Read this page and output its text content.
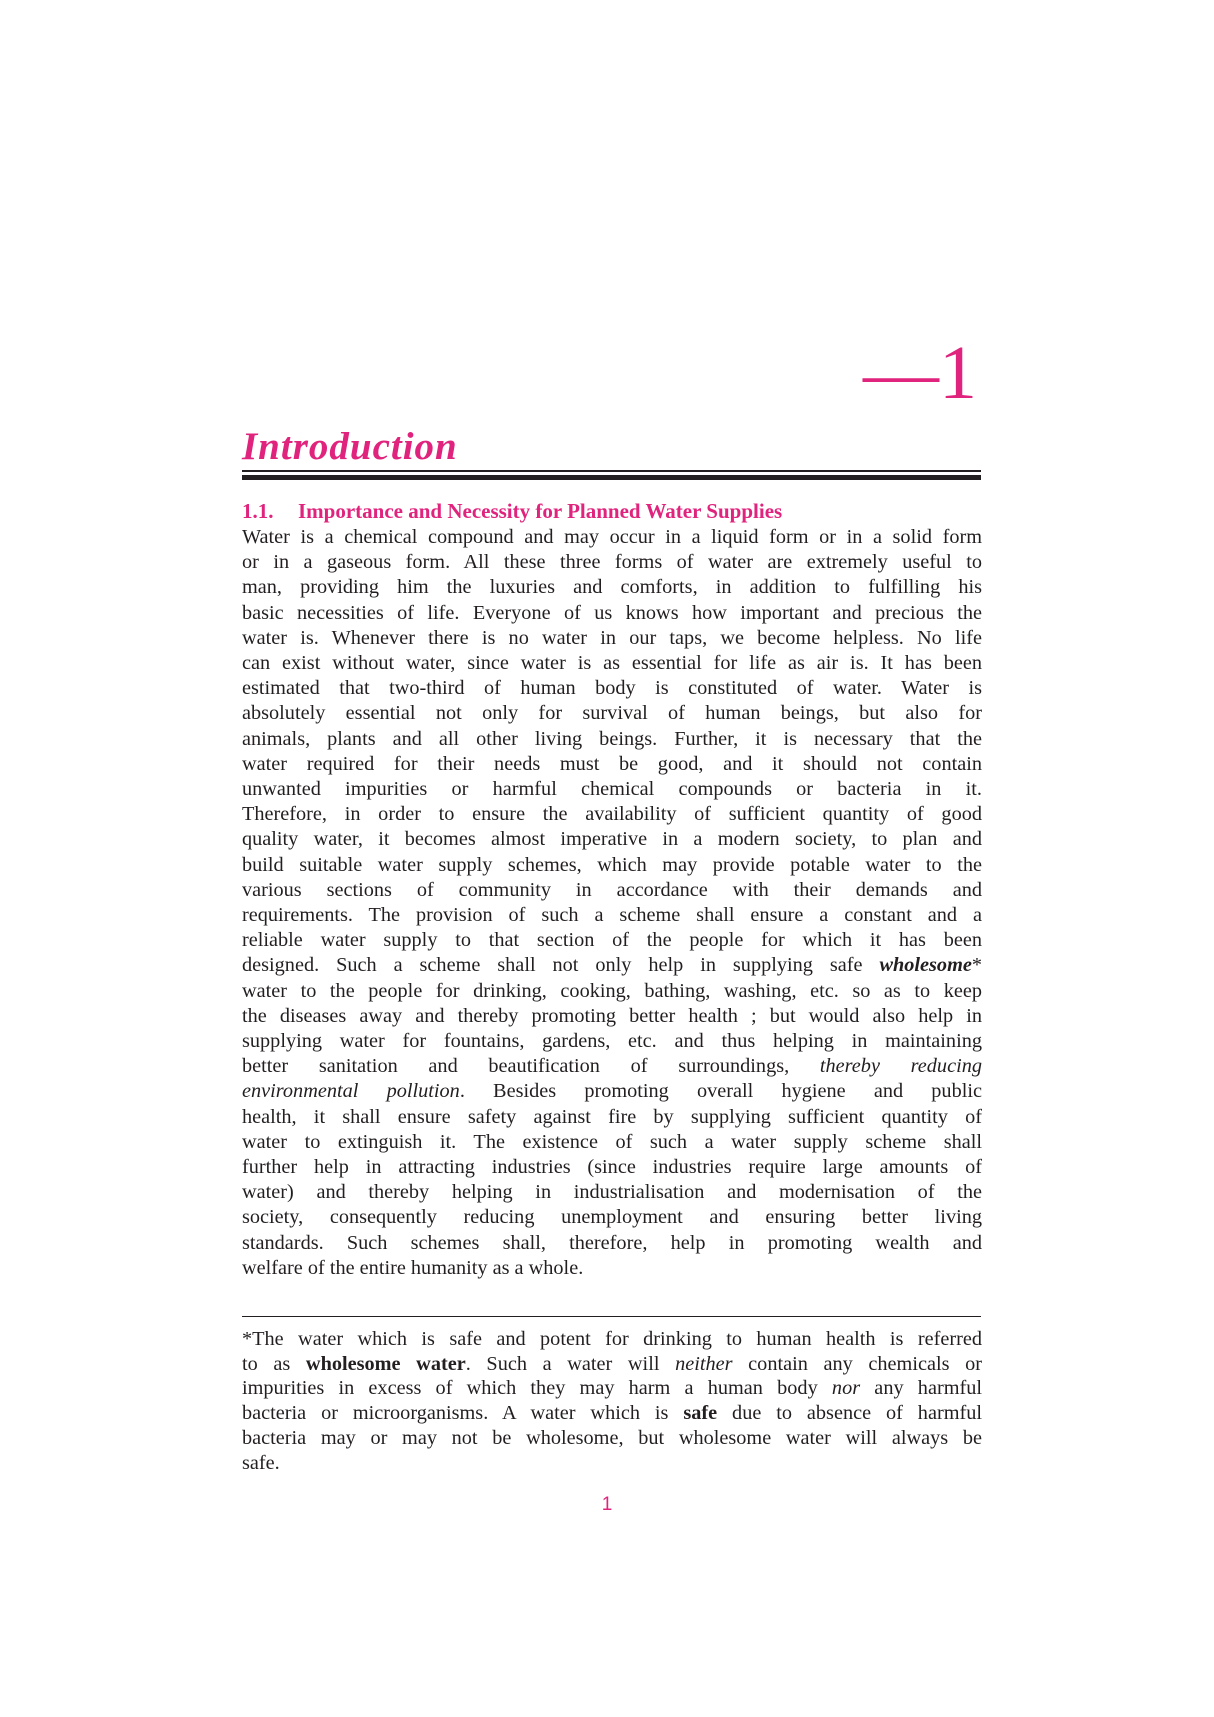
—1
Introduction
1.1. Importance and Necessity for Planned Water Supplies
Water is a chemical compound and may occur in a liquid form or in a solid form
or in a gaseous form. All these three forms of water are extremely useful to
man, providing him the luxuries and comforts, in addition to fulfilling his
basic necessities of life. Everyone of us knows how important and precious the
water is. Whenever there is no water in our taps, we become helpless. No life
can exist without water, since water is as essential for life as air is. It has been
estimated that two-third of human body is constituted of water. Water is
absolutely essential not only for survival of human beings, but also for
animals, plants and all other living beings. Further, it is necessary that the
water required for their needs must be good, and it should not contain
unwanted impurities or harmful chemical compounds or bacteria in it.
Therefore, in order to ensure the availability of sufficient quantity of good
quality water, it becomes almost imperative in a modern society, to plan and
build suitable water supply schemes, which may provide potable water to the
various sections of community in accordance with their demands and
requirements. The provision of such a scheme shall ensure a constant and a
reliable water supply to that section of the people for which it has been
designed. Such a scheme shall not only help in supplying safe wholesome*
water to the people for drinking, cooking, bathing, washing, etc. so as to keep
the diseases away and thereby promoting better health ; but would also help in
supplying water for fountains, gardens, etc. and thus helping in maintaining
better sanitation and beautification of surroundings, thereby reducing
environmental pollution. Besides promoting overall hygiene and public
health, it shall ensure safety against fire by supplying sufficient quantity of
water to extinguish it. The existence of such a water supply scheme shall
further help in attracting industries (since industries require large amounts of
water) and thereby helping in industrialisation and modernisation of the
society, consequently reducing unemployment and ensuring better living
standards. Such schemes shall, therefore, help in promoting wealth and
welfare of the entire humanity as a whole.
*The water which is safe and potent for drinking to human health is referred
to as wholesome water. Such a water will neither contain any chemicals or
impurities in excess of which they may harm a human body nor any harmful
bacteria or microorganisms. A water which is safe due to absence of harmful
bacteria may or may not be wholesome, but wholesome water will always be
safe.
1
